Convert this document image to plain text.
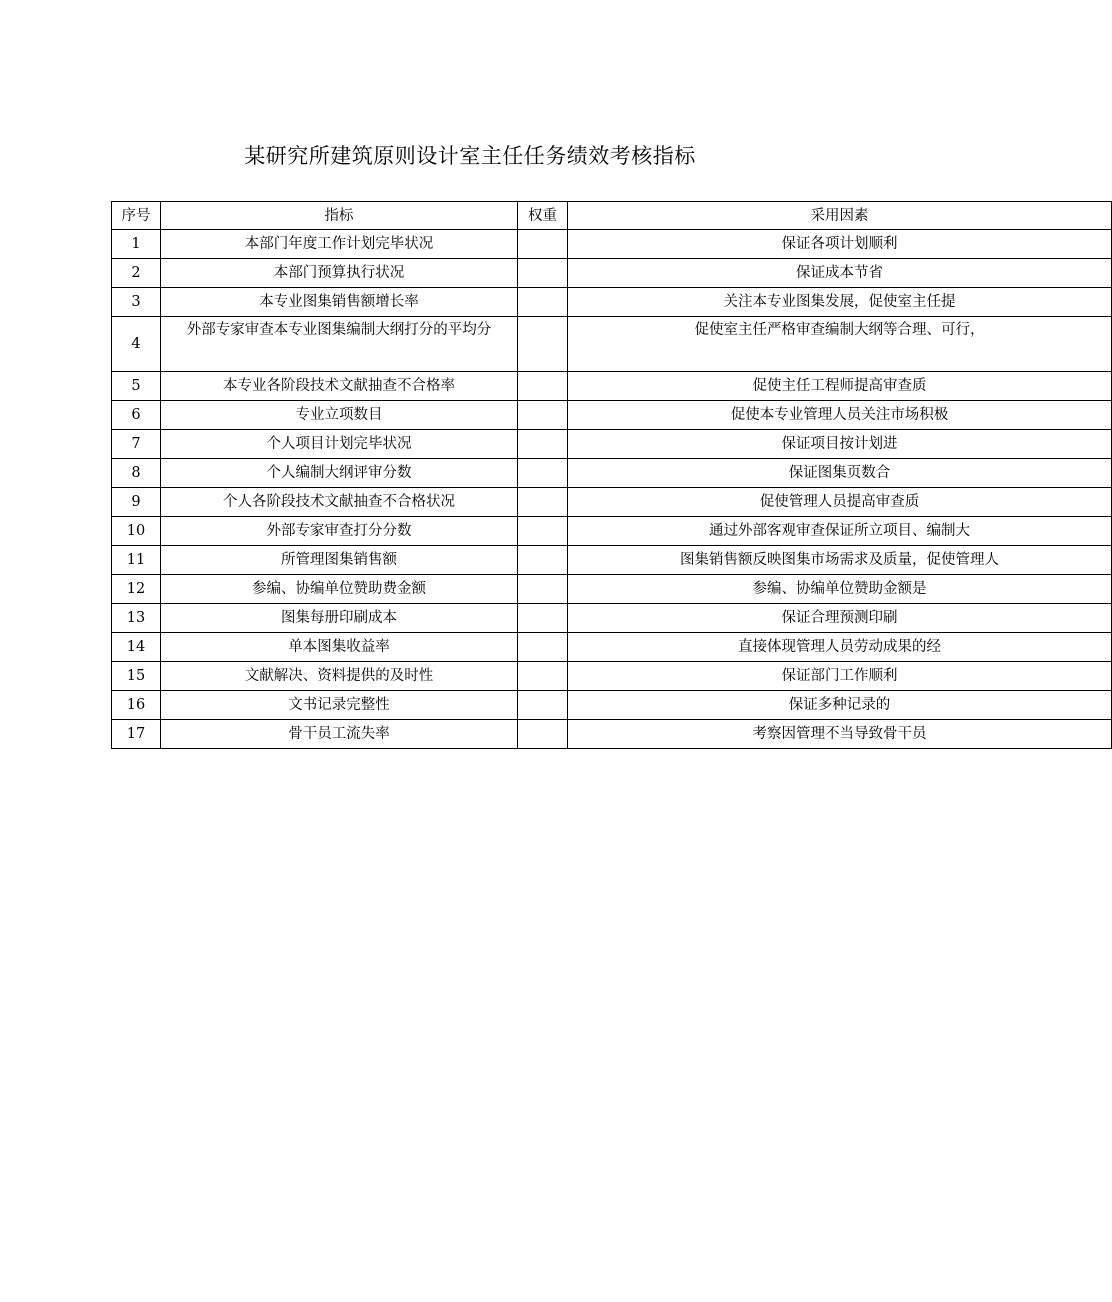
某研究所建筑原则设计室主任任务绩效考核指标
序号	指标	权重	采用因素
1	本部门年度工作计划完毕状况		保证各项计划顺利
2	本部门预算执行状况		保证成本节省
3	本专业图集销售额增长率		关注本专业图集发展，促使室主任提
4	外部专家审查本专业图集编制大纲打分的平均分		促使室主任严格审查编制大纲等合理、可行，
5	本专业各阶段技术文献抽查不合格率		促使主任工程师提高审查质
6	专业立项数目		促使本专业管理人员关注市场积极
7	个人项目计划完毕状况		保证项目按计划进
8	个人编制大纲评审分数		保证图集页数合
9	个人各阶段技术文献抽查不合格状况		促使管理人员提高审查质
10	外部专家审查打分分数		通过外部客观审查保证所立项目、编制大
11	所管理图集销售额		图集销售额反映图集市场需求及质量，促使管理人
12	参编、协编单位赞助费金额		参编、协编单位赞助金额是
13	图集每册印刷成本		保证合理预测印刷
14	单本图集收益率		直接体现管理人员劳动成果的经
15	文献解决、资料提供的及时性		保证部门工作顺利
16	文书记录完整性		保证多种记录的
17	骨干员工流失率		考察因管理不当导致骨干员
